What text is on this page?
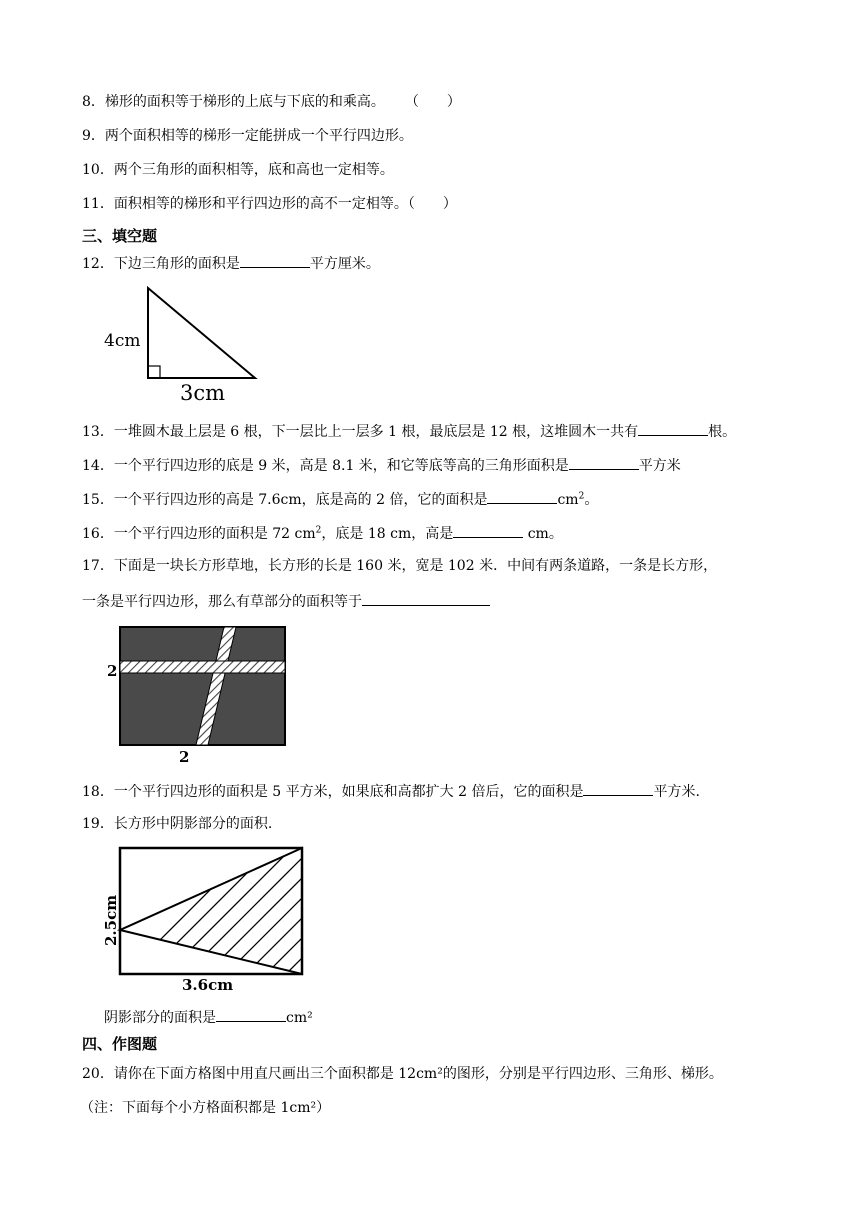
8．梯形的面积等于梯形的上底与下底的和乘高。 （　　）
9．两个面积相等的梯形一定能拼成一个平行四边形。
10．两个三角形的面积相等，底和高也一定相等。
11．面积相等的梯形和平行四边形的高不一定相等。（　　）
三、填空题
12．下边三角形的面积是	平方厘米。
4cm
3cm
13．一堆圆木最上层是 6 根，下一层比上一层多 1 根，最底层是 12 根，这堆圆木一共有	根。
14．一个平行四边形的底是 9 米，高是 8.1 米，和它等底等高的三角形面积是	平方米
15．一个平行四边形的高是 7.6cm，底是高的 2 倍，它的面积是	$cm^2$。
16．一个平行四边形的面积是 72 $cm^2$，底是 18 cm，高是	cm。
17．下面是一块长方形草地，长方形的长是 160 米，宽是 102 米．中间有两条道路，一条是长方形，
一条是平行四边形，那么有草部分的面积等于
2
2
18．一个平行四边形的面积是 5 平方米，如果底和高都扩大 2 倍后，它的面积是	平方米.
19．长方形中阴影部分的面积.
2.5cm
3.6cm
阴影部分的面积是	cm²
四、作图题
20．请你在下面方格图中用直尺画出三个面积都是 12cm²的图形，分别是平行四边形、三角形、梯形。
（注：下面每个小方格面积都是 1cm²）
